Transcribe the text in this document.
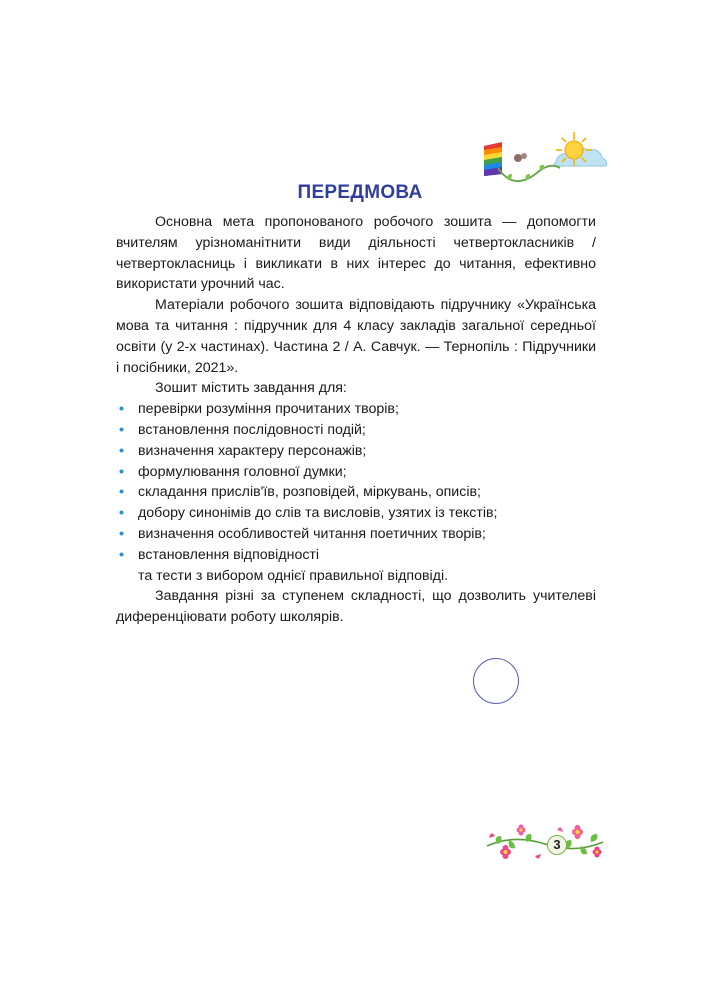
ПЕРЕДМОВА

Основна мета пропонованого робочого зошита — допомогти вчителям урізноманітнити види діяльності четвертокласників / четвертокласниць і викликати в них інтерес до читання, ефективно використати урочний час.

Матеріали робочого зошита відповідають підручнику «Українська мова та читання : підручник для 4 класу закладів загальної середньої освіти (у 2-х частинах). Частина 2 / А. Савчук. — Тернопіль : Підручники і посібники, 2021».

Зошит містить завдання для:

• перевірки розуміння прочитаних творів;
• встановлення послідовності подій;
• визначення характеру персонажів;
• формулювання головної думки;
• складання прислів'їв, розповідей, міркувань, описів;
• добору синонімів до слів та висловів, узятих із текстів;
• визначення особливостей читання поетичних творів;
• встановлення відповідності
та тести з вибором однієї правильної відповіді.

Завдання різні за ступенем складності, що дозволить учителеві диференціювати роботу школярів.

3
